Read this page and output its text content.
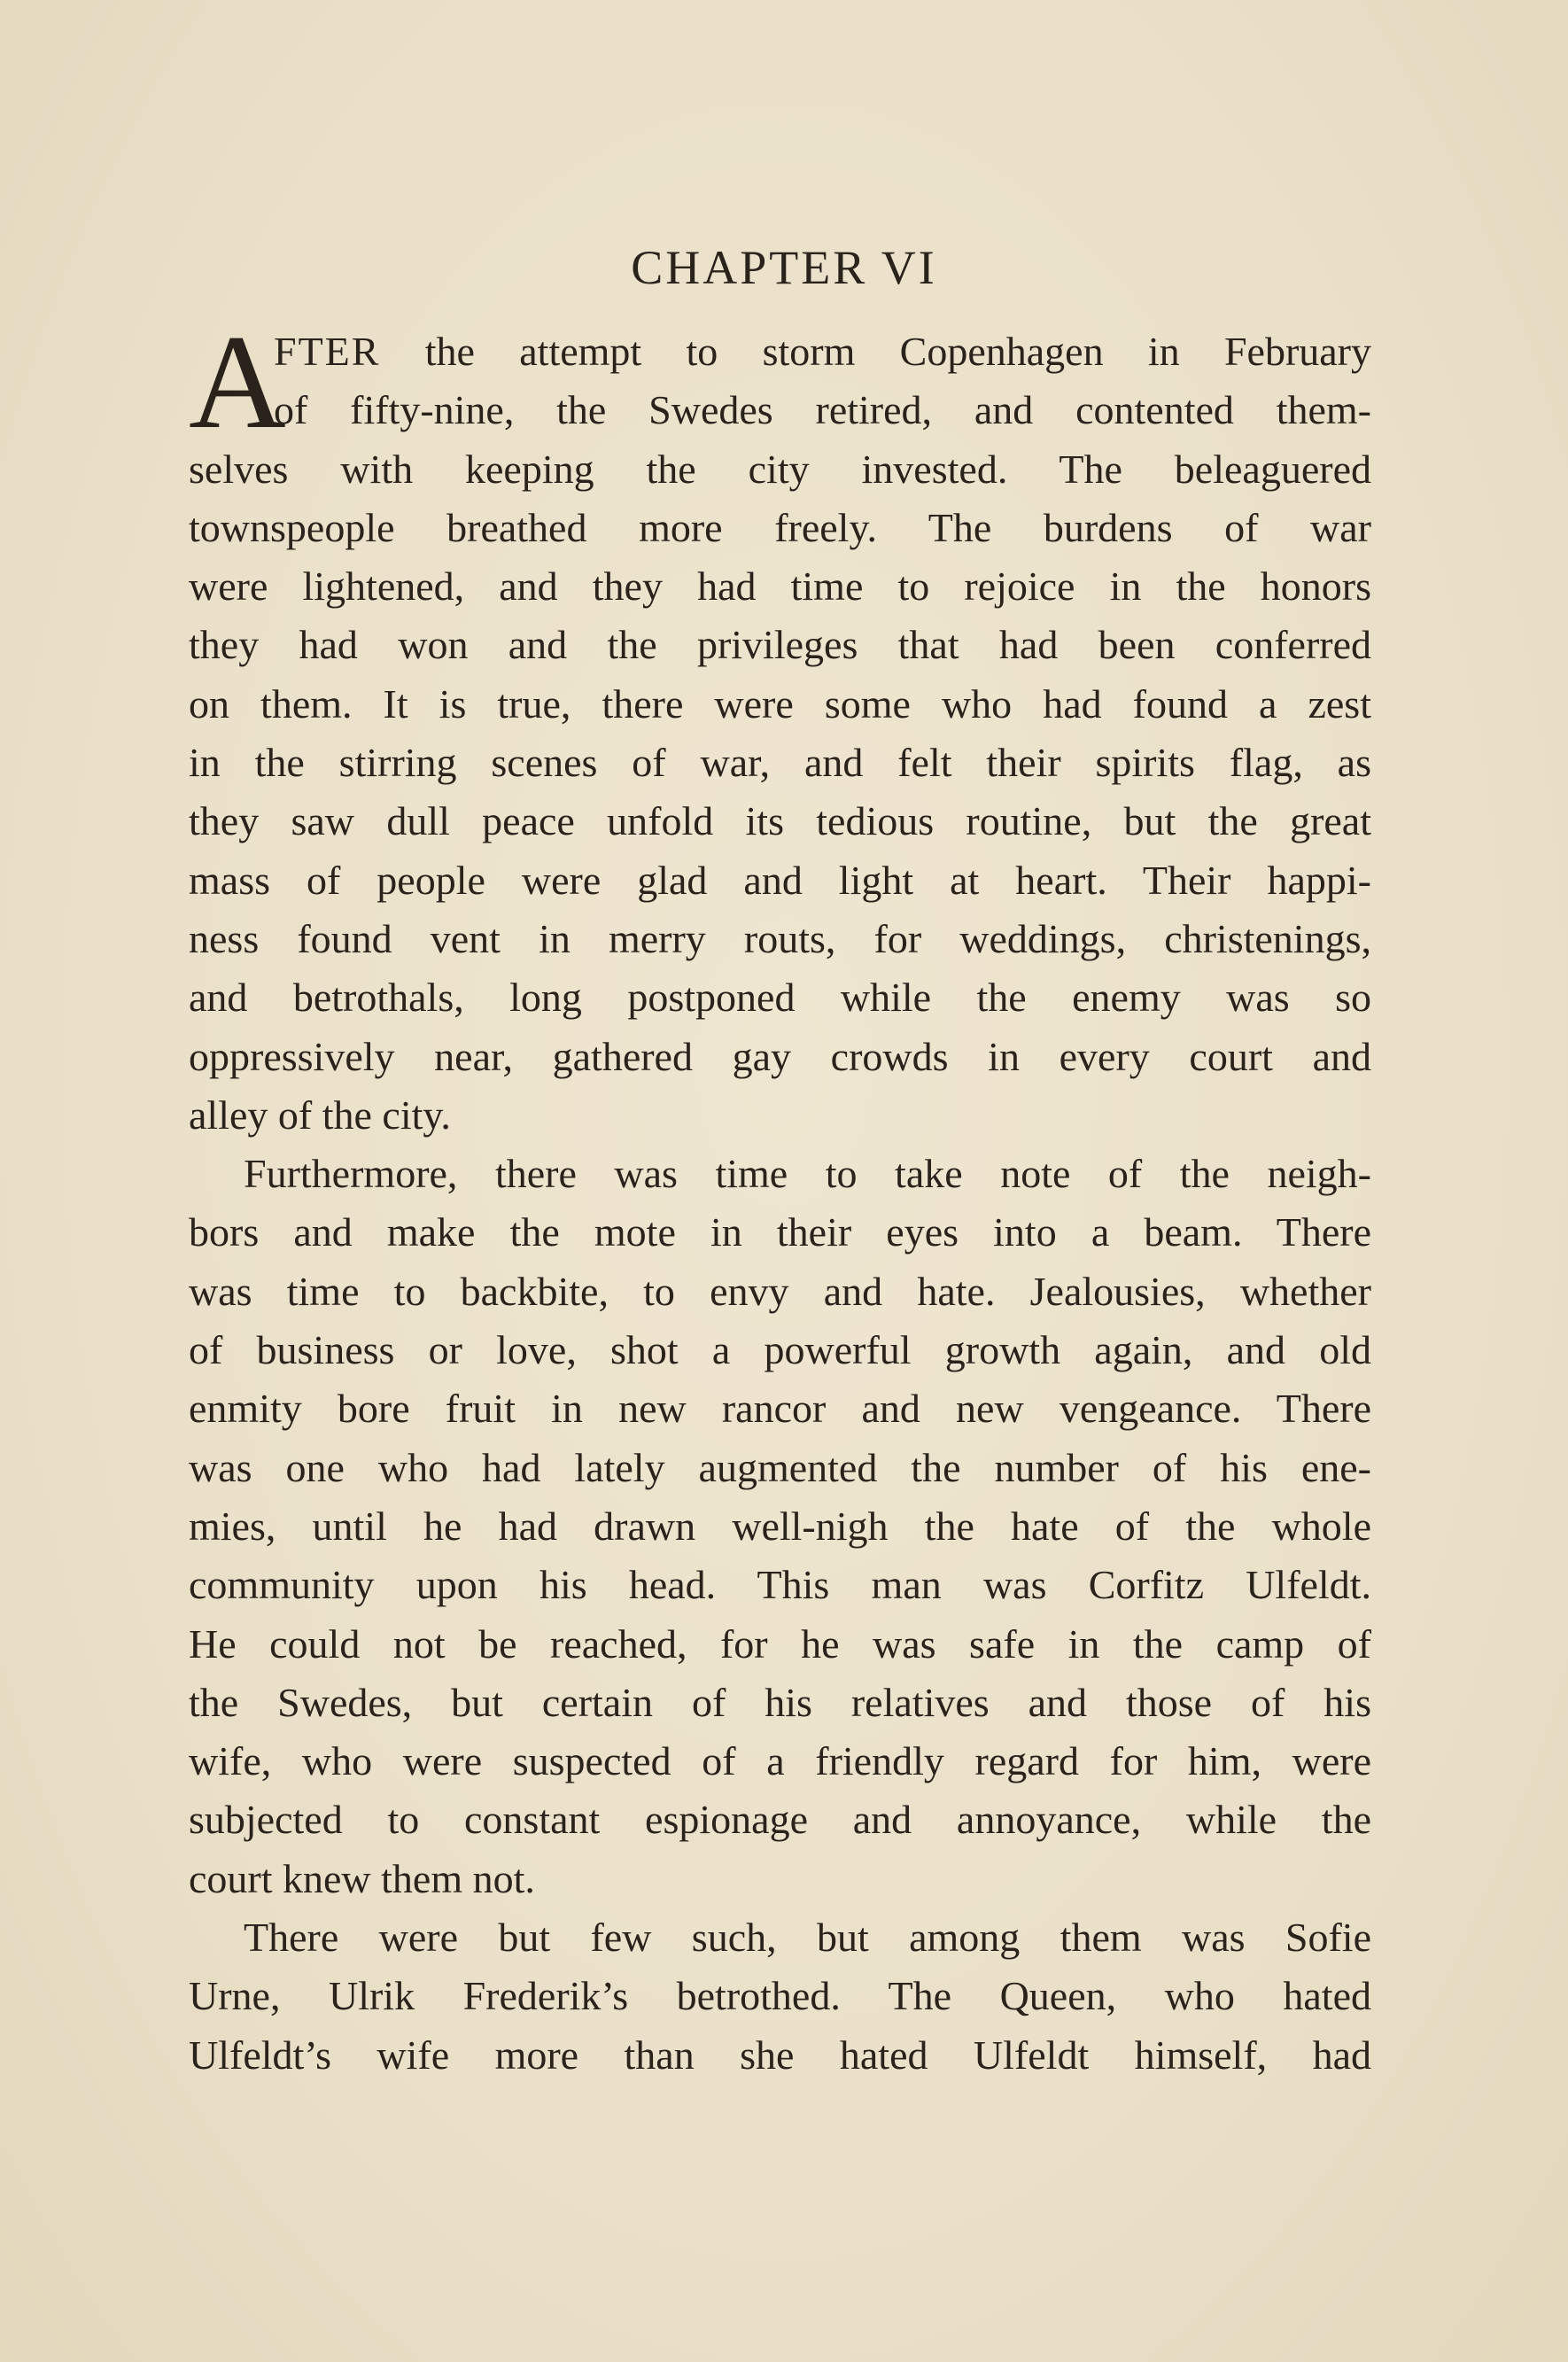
CHAPTER VI
A
FTER the attempt to storm Copenhagen in February
of fifty-nine, the Swedes retired, and contented them-
selves with keeping the city invested. The beleaguered
townspeople breathed more freely. The burdens of war
were lightened, and they had time to rejoice in the honors
they had won and the privileges that had been conferred
on them. It is true, there were some who had found a zest
in the stirring scenes of war, and felt their spirits flag, as
they saw dull peace unfold its tedious routine, but the great
mass of people were glad and light at heart. Their happi-
ness found vent in merry routs, for weddings, christenings,
and betrothals, long postponed while the enemy was so
oppressively near, gathered gay crowds in every court and
alley of the city.
Furthermore, there was time to take note of the neigh-
bors and make the mote in their eyes into a beam. There
was time to backbite, to envy and hate. Jealousies, whether
of business or love, shot a powerful growth again, and old
enmity bore fruit in new rancor and new vengeance. There
was one who had lately augmented the number of his ene-
mies, until he had drawn well-nigh the hate of the whole
community upon his head. This man was Corfitz Ulfeldt.
He could not be reached, for he was safe in the camp of
the Swedes, but certain of his relatives and those of his
wife, who were suspected of a friendly regard for him, were
subjected to constant espionage and annoyance, while the
court knew them not.
There were but few such, but among them was Sofie
Urne, Ulrik Frederik’s betrothed. The Queen, who hated
Ulfeldt’s wife more than she hated Ulfeldt himself, had
